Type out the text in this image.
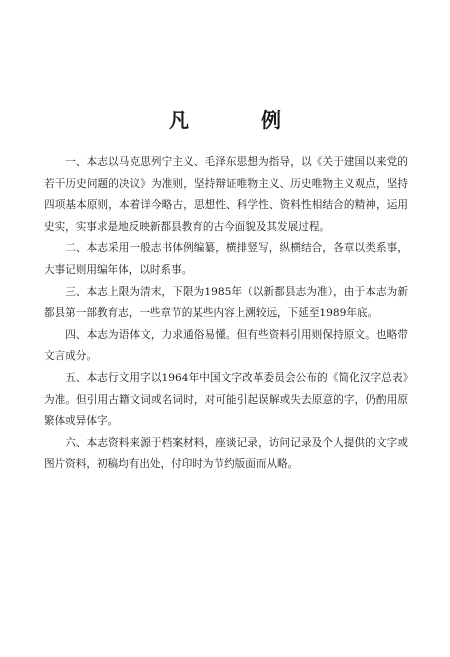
凡　例

一、本志以马克思列宁主义、毛泽东思想为指导，以《关于建国以来党的若干历史问题的决议》为准则，坚持辩证唯物主义、历史唯物主义观点，坚持四项基本原则，本着详今略古，思想性、科学性、资料性相结合的精神，运用史实，实事求是地反映新都县教育的古今面貌及其发展过程。

二、本志采用一般志书体例编纂，横排竖写，纵横结合，各章以类系事，大事记则用编年体，以时系事。

三、本志上限为清末，下限为1985年（以新都县志为准），由于本志为新都县第一部教育志，一些章节的某些内容上溯较远，下延至1989年底。

四、本志为语体文，力求通俗易懂。但有些资料引用则保持原文。也略带文言成分。

五、本志行文用字以1964年中国文字改革委员会公布的《简化汉字总表》为准。但引用古籍文词或名词时，对可能引起误解或失去原意的字，仍酌用原繁体或异体字。

六、本志资料来源于档案材料，座谈记录，访问记录及个人提供的文字或图片资料，初稿均有出处，付印时为节约版面而从略。
